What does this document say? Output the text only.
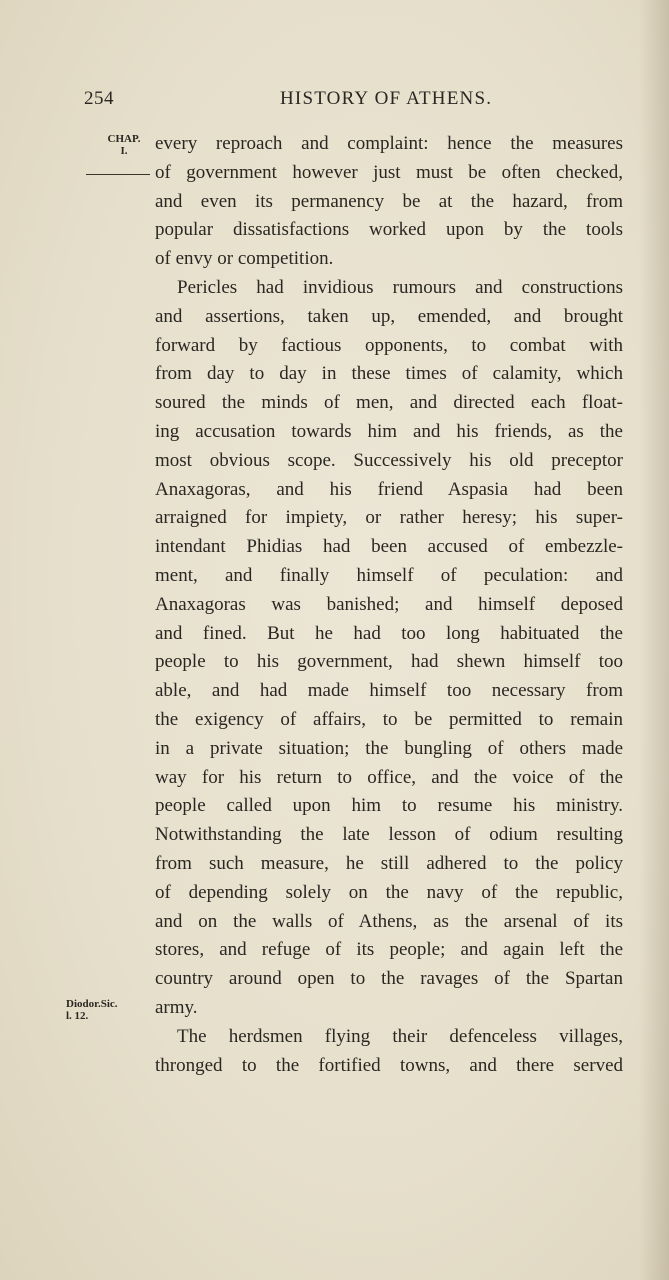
254	HISTORY OF ATHENS.
CHAP.
I.
Diodor.Sic.
l. 12.
every reproach and complaint: hence the measures
of government however just must be often checked,
and even its permanency be at the hazard, from
popular dissatisfactions worked upon by the tools
of envy or competition.
Pericles had invidious rumours and constructions
and assertions, taken up, emended, and brought
forward by factious opponents, to combat with
from day to day in these times of calamity, which
soured the minds of men, and directed each float-
ing accusation towards him and his friends, as the
most obvious scope. Successively his old preceptor
Anaxagoras, and his friend Aspasia had been
arraigned for impiety, or rather heresy; his super-
intendant Phidias had been accused of embezzle-
ment, and finally himself of peculation: and
Anaxagoras was banished; and himself deposed
and fined. But he had too long habituated the
people to his government, had shewn himself too
able, and had made himself too necessary from
the exigency of affairs, to be permitted to remain
in a private situation; the bungling of others made
way for his return to office, and the voice of the
people called upon him to resume his ministry.
Notwithstanding the late lesson of odium resulting
from such measure, he still adhered to the policy
of depending solely on the navy of the republic,
and on the walls of Athens, as the arsenal of its
stores, and refuge of its people; and again left the
country around open to the ravages of the Spartan
army.
The herdsmen flying their defenceless villages,
thronged to the fortified towns, and there served
